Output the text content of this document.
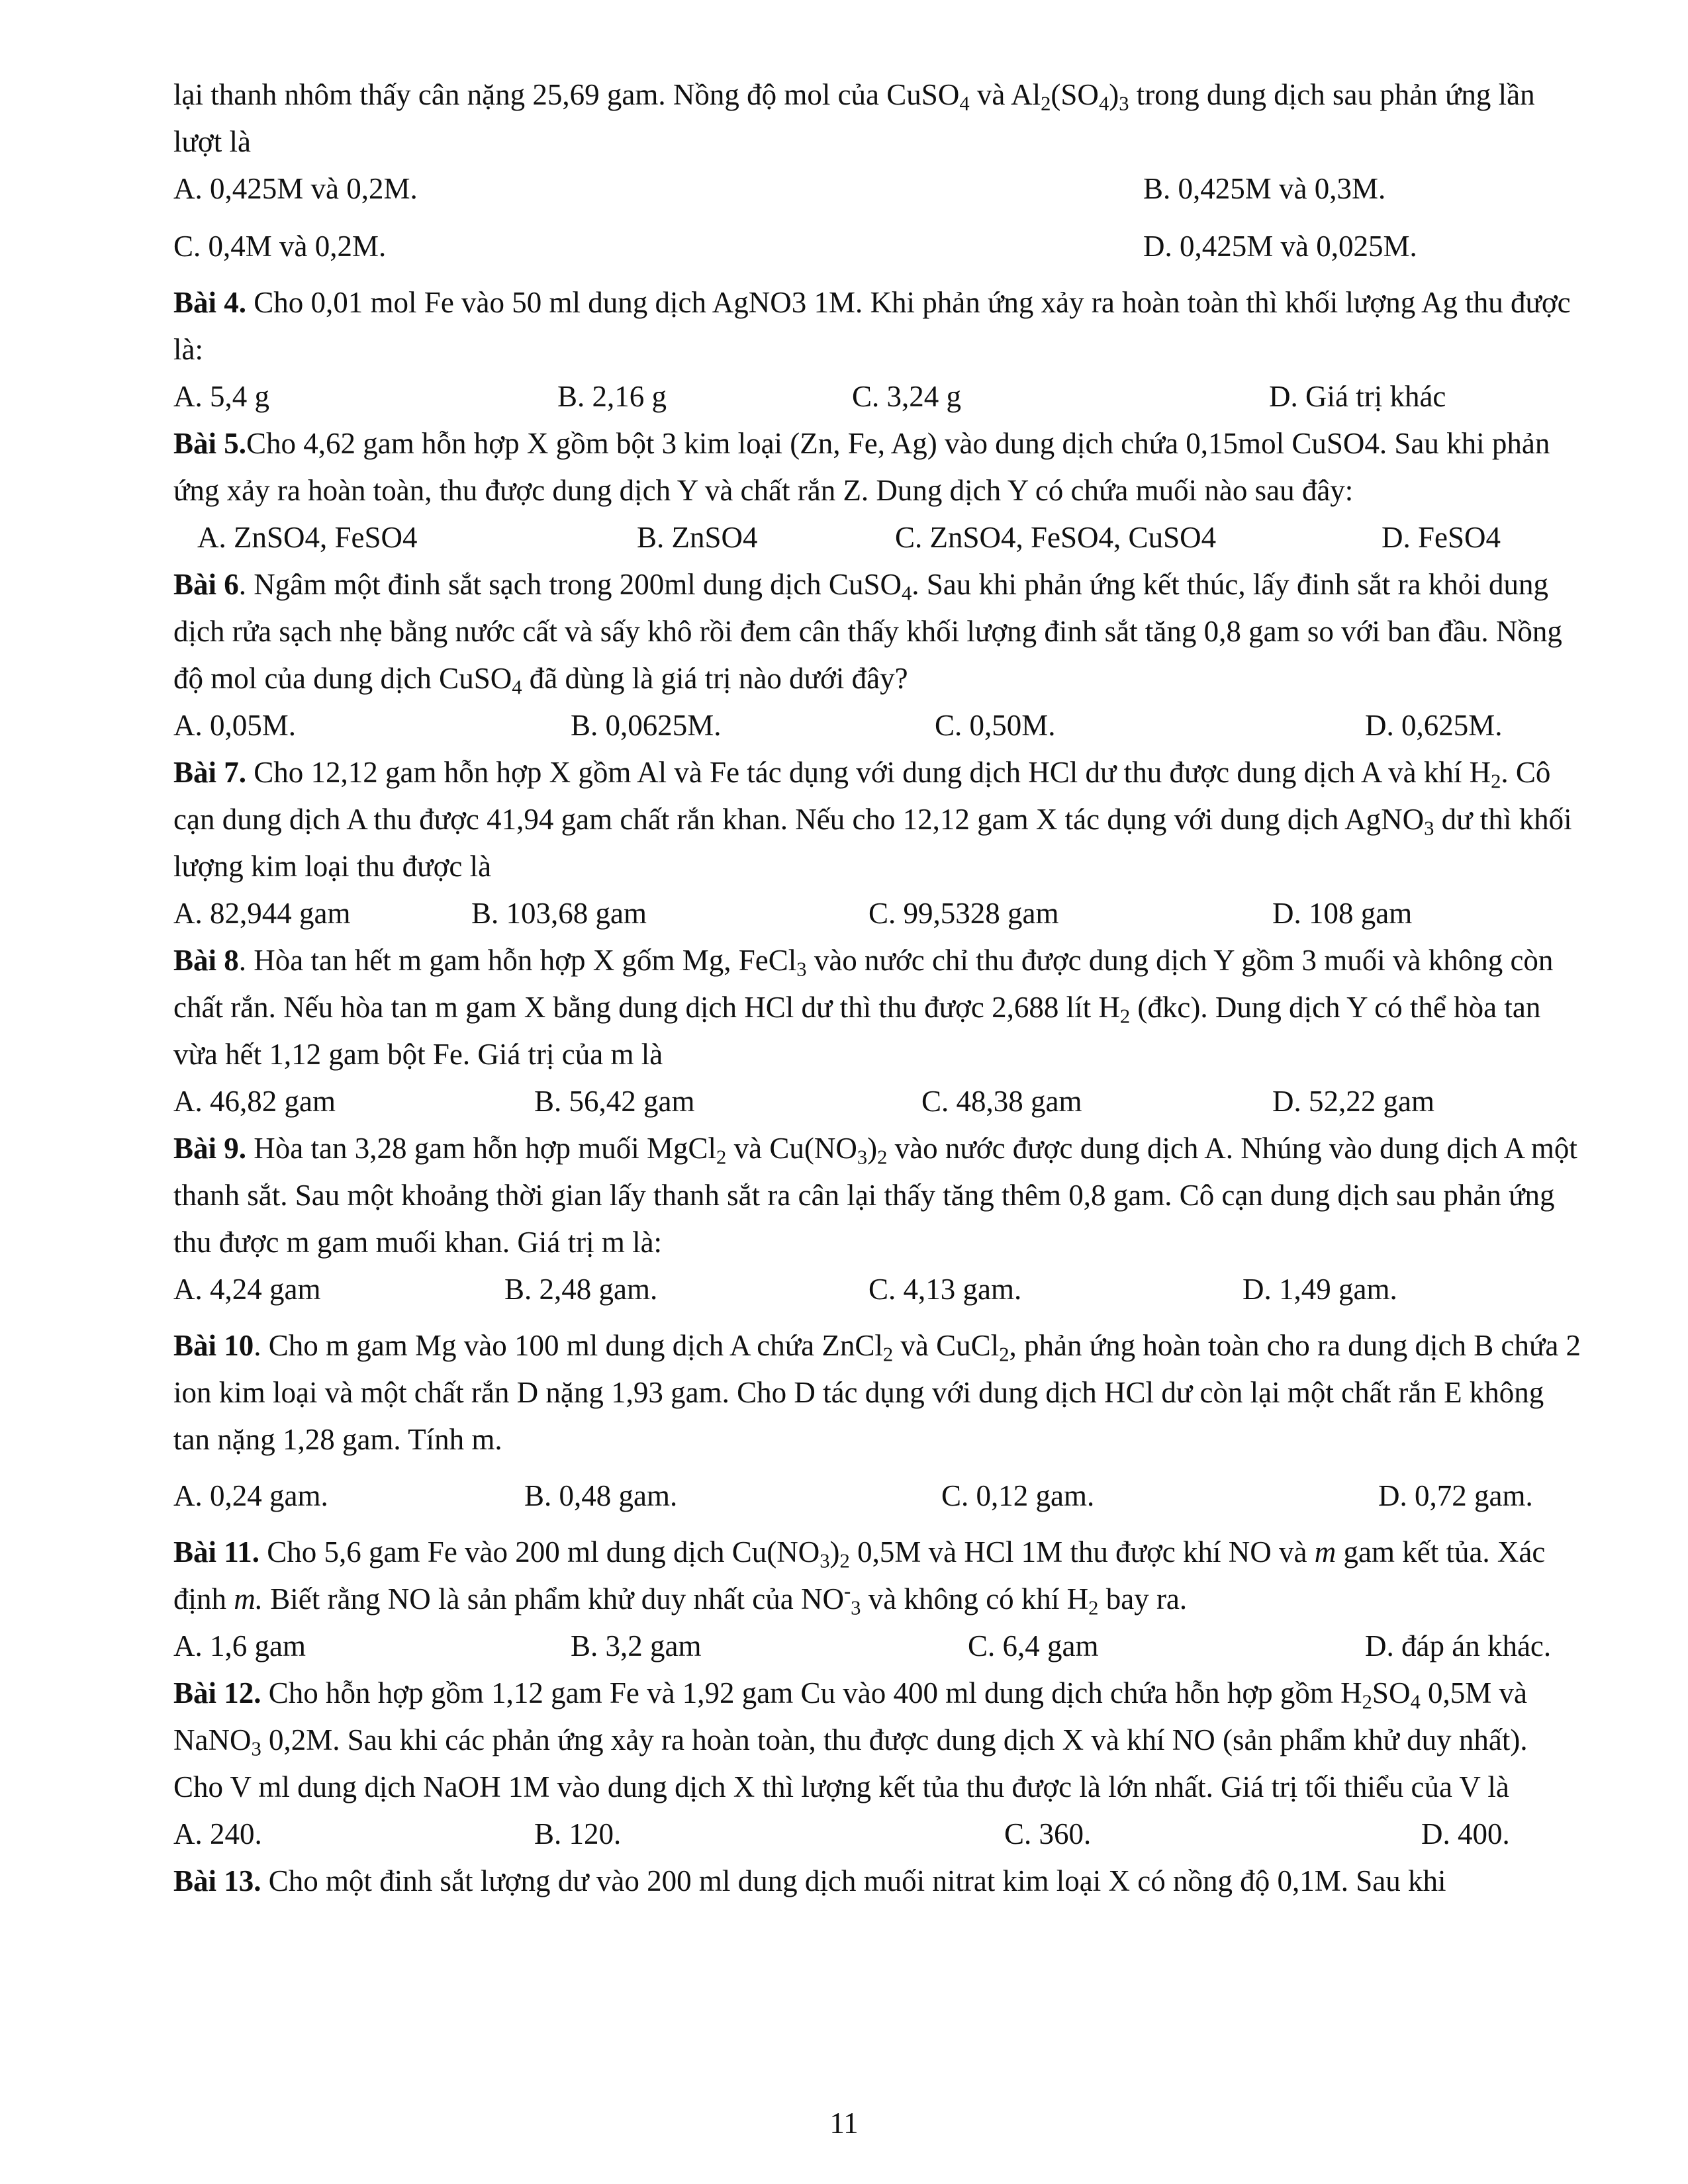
lại thanh nhôm thấy cân nặng 25,69 gam. Nồng độ mol của CuSO$_4$ và $Al_2(SO_4)_3$ trong dung dịch sau phản ứng lần lượt là

A. 0,425M và 0,2M.	B. 0,425M và 0,3M.
C. 0,4M và 0,2M.	D. 0,425M và 0,025M.

Bài 4. Cho 0,01 mol Fe vào 50 ml dung dịch AgNO3 1M. Khi phản ứng xảy ra hoàn toàn thì khối lượng Ag thu được là:

A. 5,4 g	B. 2,16 g	C. 3,24 g	D. Giá trị khác

Bài 5.Cho 4,62 gam hỗn hợp X gồm bột 3 kim loại (Zn, Fe, Ag) vào dung dịch chứa 0,15mol CuSO4. Sau khi phản ứng xảy ra hoàn toàn, thu được dung dịch Y và chất rắn Z. Dung dịch Y có chứa muối nào sau đây:

A. ZnSO4, FeSO4	B. ZnSO4	C. ZnSO4, FeSO4, CuSO4	D. FeSO4

Bài 6. Ngâm một đinh sắt sạch trong 200ml dung dịch CuSO$_4$. Sau khi phản ứng kết thúc, lấy đinh sắt ra khỏi dung dịch rửa sạch nhẹ bằng nước cất và sấy khô rồi đem cân thấy khối lượng đinh sắt tăng 0,8 gam so với ban đầu. Nồng độ mol của dung dịch CuSO$_4$ đã dùng là giá trị nào dưới đây?

A. 0,05M.	B. 0,0625M.	C. 0,50M.	D. 0,625M.

Bài 7. Cho 12,12 gam hỗn hợp X gồm Al và Fe tác dụng với dung dịch HCl dư thu được dung dịch A và khí $H_2$. Cô cạn dung dịch A thu được 41,94 gam chất rắn khan. Nếu cho 12,12 gam X tác dụng với dung dịch AgNO$_3$ dư thì khối lượng kim loại thu được là

A. 82,944 gam	B. 103,68 gam	C. 99,5328 gam	D. 108 gam

Bài 8. Hòa tan hết m gam hỗn hợp X gốm Mg, FeCl$_3$ vào nước chỉ thu được dung dịch Y gồm 3 muối và không còn chất rắn. Nếu hòa tan m gam X bằng dung dịch HCl dư thì thu được 2,688 lít $H_2$ (đkc). Dung dịch Y có thể hòa tan vừa hết 1,12 gam bột Fe. Giá trị của m là

A. 46,82 gam	B. 56,42 gam	C. 48,38 gam	D. 52,22 gam

Bài 9. Hòa tan 3,28 gam hỗn hợp muối MgCl$_2$ và $Cu(NO_3)_2$ vào nước được dung dịch A. Nhúng vào dung dịch A một thanh sắt. Sau một khoảng thời gian lấy thanh sắt ra cân lại thấy tăng thêm 0,8 gam. Cô cạn dung dịch sau phản ứng thu được m gam muối khan. Giá trị m là:

A. 4,24 gam	B. 2,48 gam.	C. 4,13 gam.	D. 1,49 gam.

Bài 10. Cho m gam Mg vào 100 ml dung dịch A chứa ZnCl$_2$ và CuCl$_2$, phản ứng hoàn toàn cho ra dung dịch B chứa 2 ion kim loại và một chất rắn D nặng 1,93 gam. Cho D tác dụng với dung dịch HCl dư còn lại một chất rắn E không tan nặng 1,28 gam. Tính m.

A. 0,24 gam.	B. 0,48 gam.	C. 0,12 gam.	D. 0,72 gam.

Bài 11. Cho 5,6 gam Fe vào 200 ml dung dịch $Cu(NO_3)_2$ 0,5M và HCl 1M thu được khí NO và m gam kết tủa. Xác định m. Biết rằng NO là sản phẩm khử duy nhất của $NO^-_3$ và không có khí $H_2$ bay ra.

A. 1,6 gam	B. 3,2 gam	C. 6,4 gam	D. đáp án khác.

Bài 12. Cho hỗn hợp gồm 1,12 gam Fe và 1,92 gam Cu vào 400 ml dung dịch chứa hỗn hợp gồm $H_2SO_4$ 0,5M và NaNO$_3$ 0,2M. Sau khi các phản ứng xảy ra hoàn toàn, thu được dung dịch X và khí NO (sản phẩm khử duy nhất). Cho V ml dung dịch NaOH 1M vào dung dịch X thì lượng kết tủa thu được là lớn nhất. Giá trị tối thiểu của V là

A. 240.	B. 120.	C. 360.	D. 400.

Bài 13. Cho một đinh sắt lượng dư vào 200 ml dung dịch muối nitrat kim loại X có nồng độ 0,1M. Sau khi

11
